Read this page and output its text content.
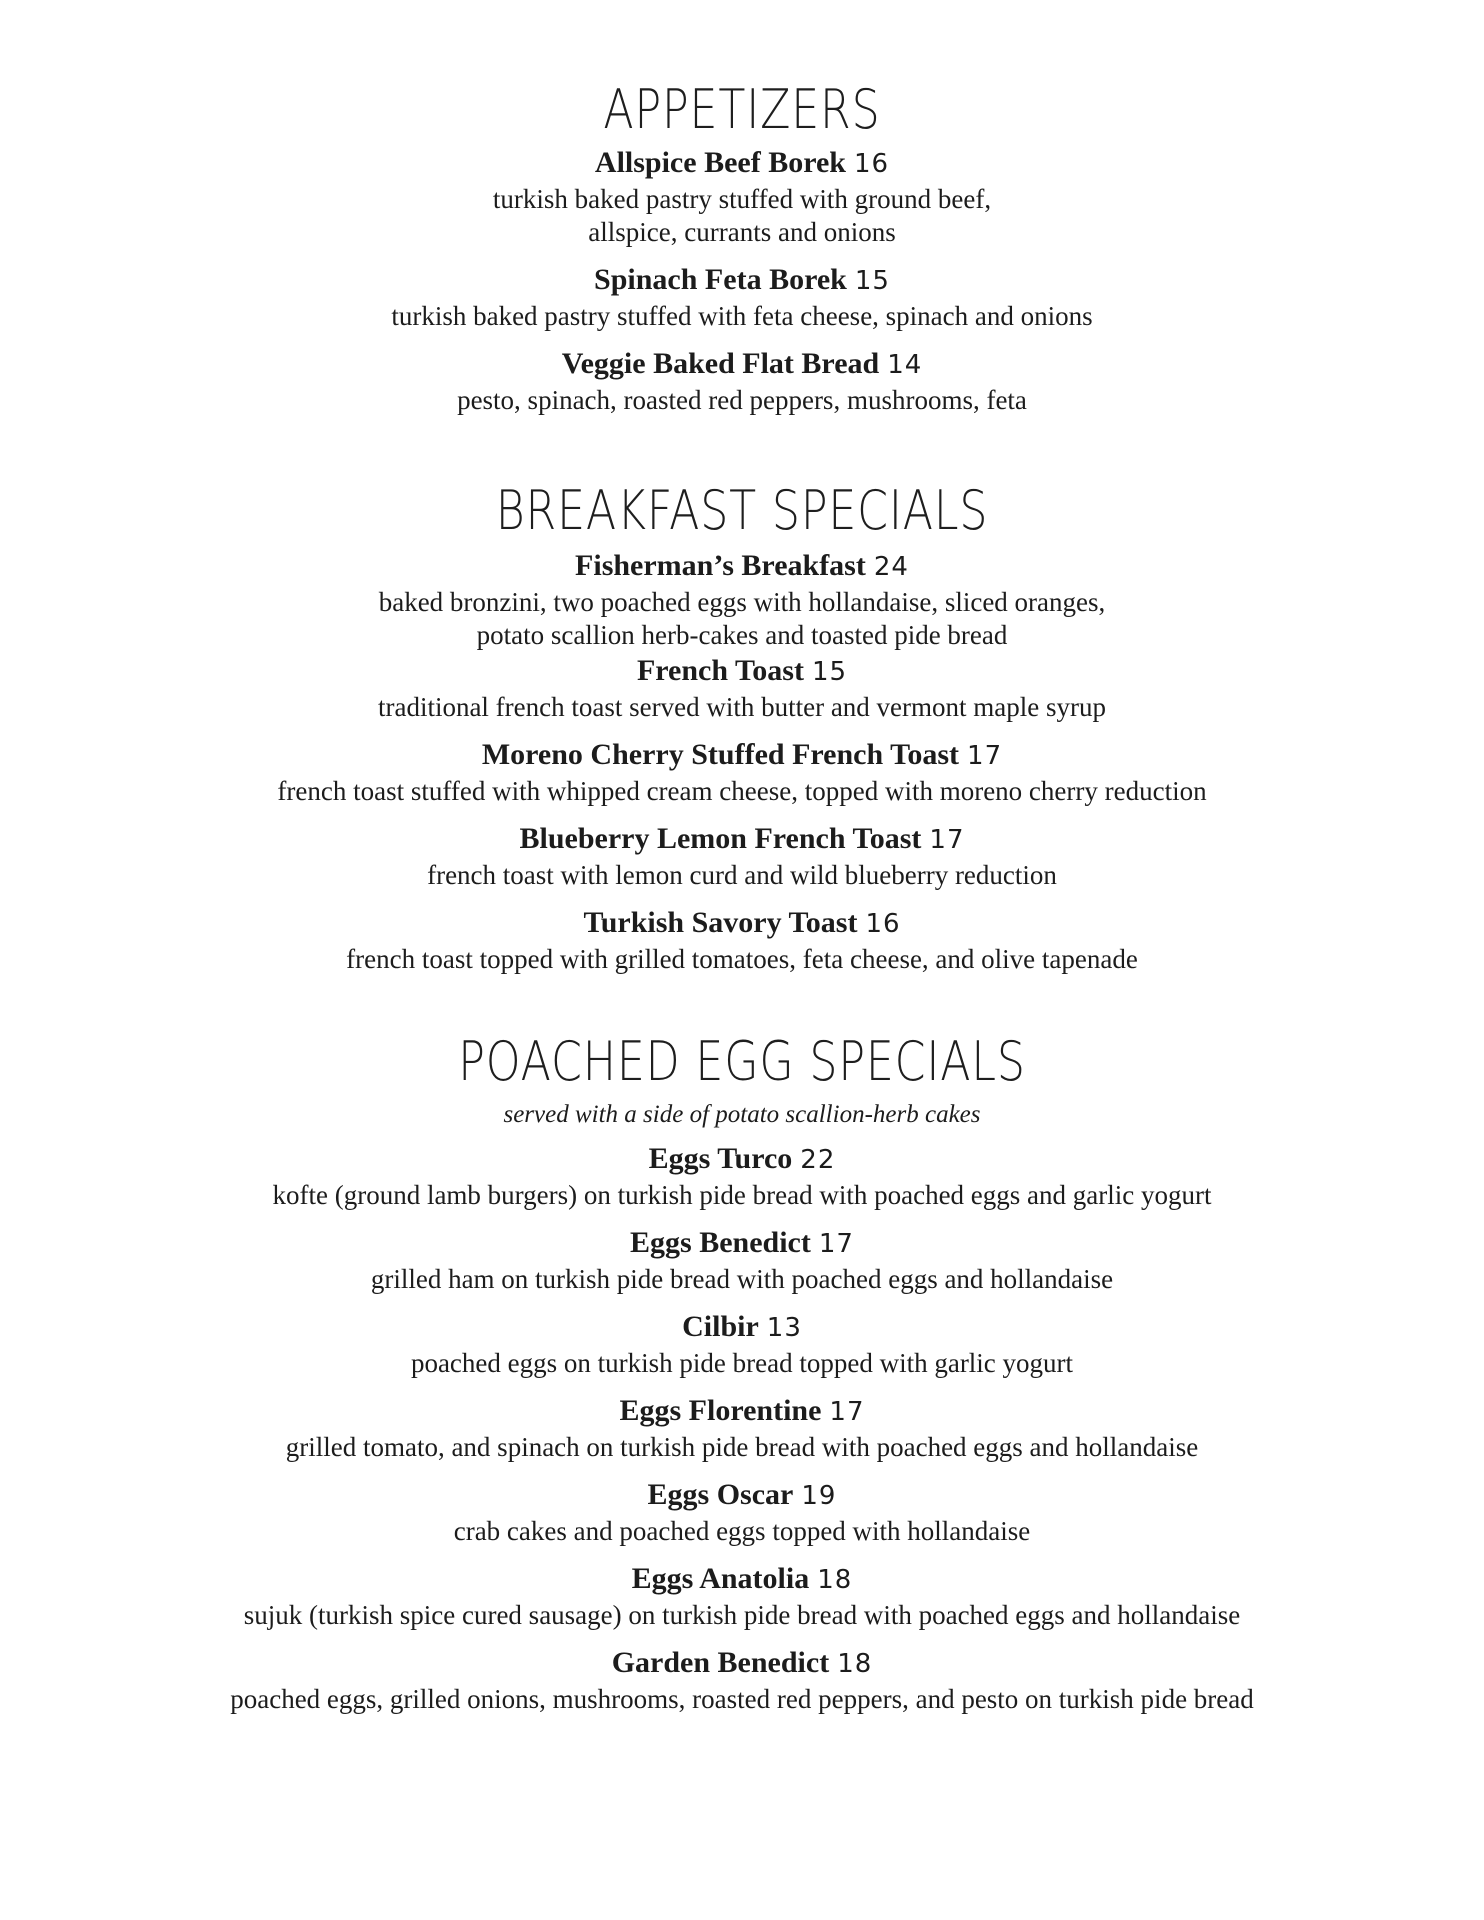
APPETIZERS
Allspice Beef Borek 16
turkish baked pastry stuffed with ground beef,
allspice, currants and onions
Spinach Feta Borek 15
turkish baked pastry stuffed with feta cheese, spinach and onions
Veggie Baked Flat Bread 14
pesto, spinach, roasted red peppers, mushrooms, feta
BREAKFAST SPECIALS
Fisherman’s Breakfast 24
baked bronzini, two poached eggs with hollandaise, sliced oranges,
potato scallion herb-cakes and toasted pide bread
French Toast 15
traditional french toast served with butter and vermont maple syrup
Moreno Cherry Stuffed French Toast 17
french toast stuffed with whipped cream cheese, topped with moreno cherry reduction
Blueberry Lemon French Toast 17
french toast with lemon curd and wild blueberry reduction
Turkish Savory Toast 16
french toast topped with grilled tomatoes, feta cheese, and olive tapenade
POACHED EGG SPECIALS
served with a side of potato scallion-herb cakes
Eggs Turco 22
kofte (ground lamb burgers) on turkish pide bread with poached eggs and garlic yogurt
Eggs Benedict 17
grilled ham on turkish pide bread with poached eggs and hollandaise
Cilbir 13
poached eggs on turkish pide bread topped with garlic yogurt
Eggs Florentine 17
grilled tomato, and spinach on turkish pide bread with poached eggs and hollandaise
Eggs Oscar 19
crab cakes and poached eggs topped with hollandaise
Eggs Anatolia 18
sujuk (turkish spice cured sausage) on turkish pide bread with poached eggs and hollandaise
Garden Benedict 18
poached eggs, grilled onions, mushrooms, roasted red peppers, and pesto on turkish pide bread
